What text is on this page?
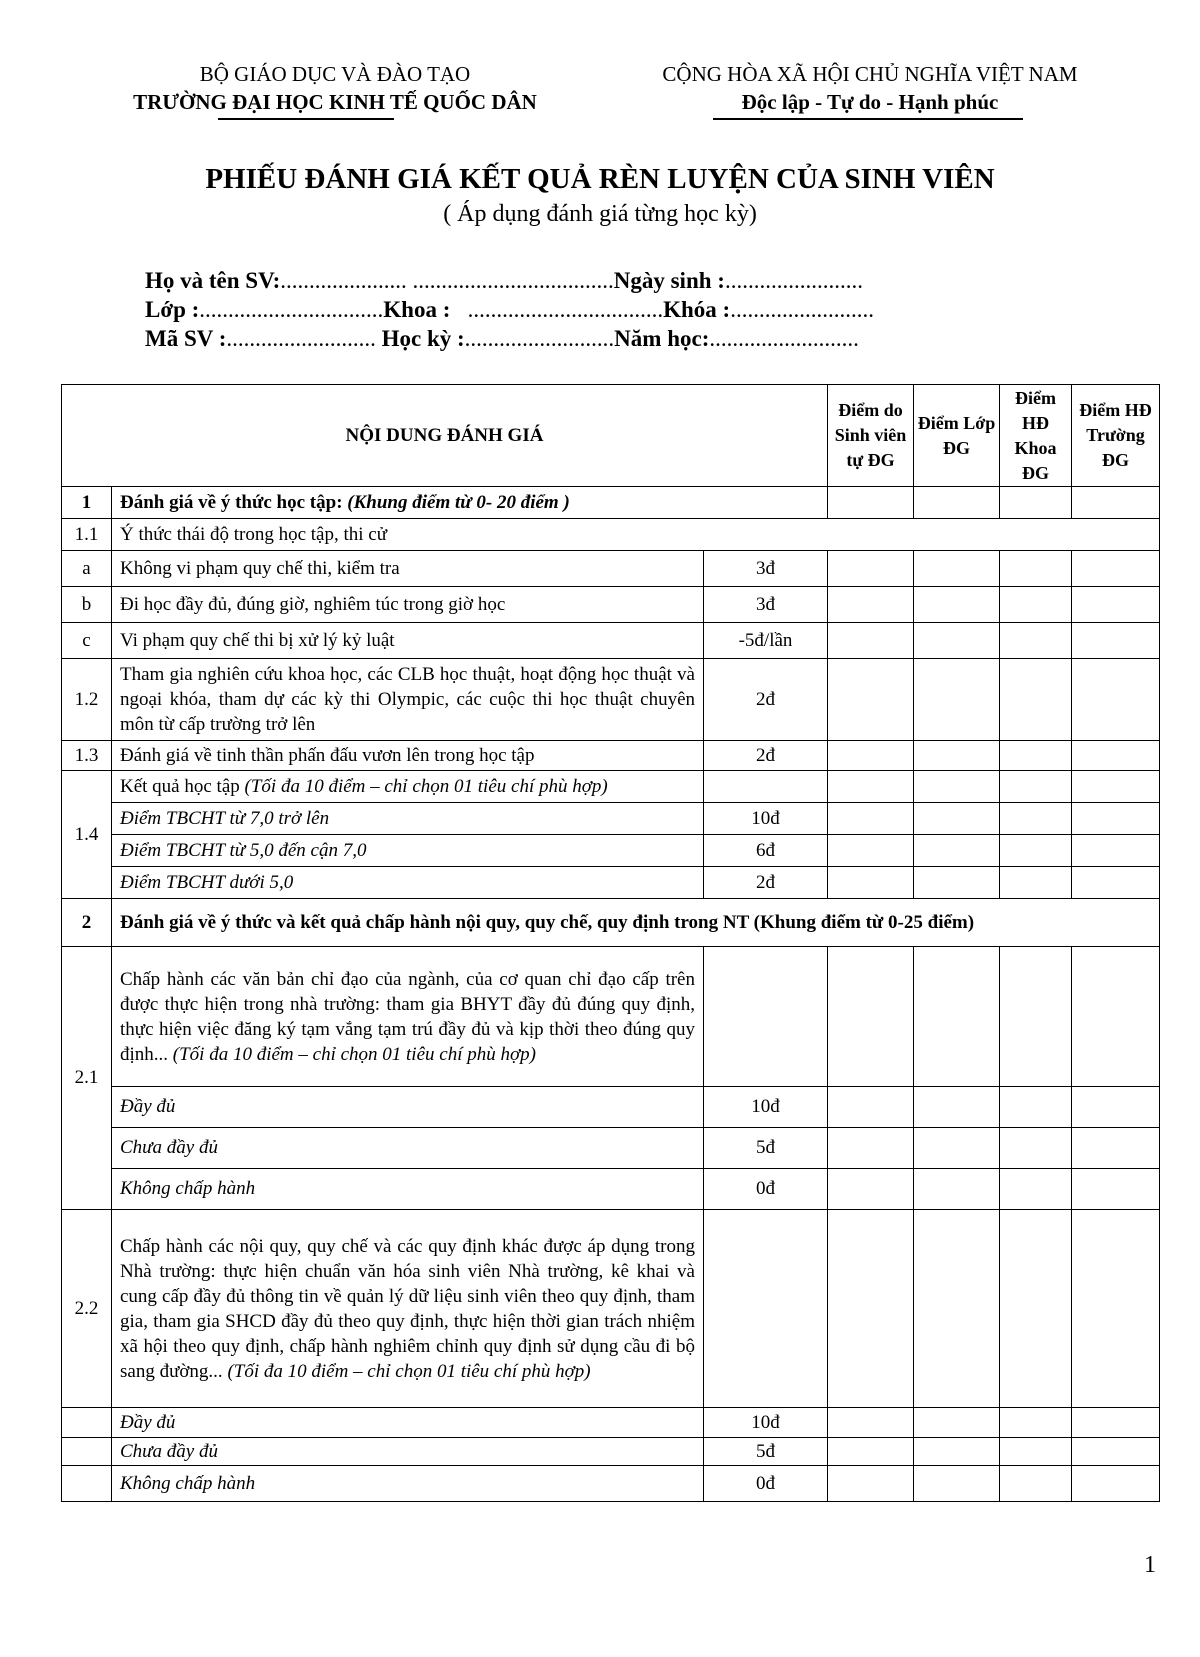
BỘ GIÁO DỤC VÀ ĐÀO TẠO
TRƯỜNG ĐẠI HỌC KINH TẾ QUỐC DÂN
CỘNG HÒA XÃ HỘI CHỦ NGHĨA VIỆT NAM
Độc lập - Tự do - Hạnh phúc
PHIẾU ĐÁNH GIÁ KẾT QUẢ RÈN LUYỆN CỦA SINH VIÊN
( Áp dụng đánh giá từng học kỳ)
Họ và tên SV:...................... ...................................Ngày sinh :........................
Lớp :................................Khoa :   ..................................Khóa :.........................
Mã SV :.......................... Học kỳ :..........................Năm học:..........................
NỘI DUNG ĐÁNH GIÁ			Điểm do Sinh viên tự ĐG	Điểm Lớp ĐG	Điểm HĐ Khoa ĐG	Điểm HĐ Trường ĐG
1	Đánh giá về ý thức học tập: (Khung điểm từ 0- 20 điểm )					
1.1	Ý thức thái độ trong học tập, thi cử					
a	Không vi phạm quy chế thi, kiểm tra	3đ				
b	Đi học đầy đủ, đúng giờ, nghiêm túc trong giờ học	3đ				
c	Vi phạm quy chế thi bị xử lý kỷ luật	-5đ/lần				
1.2	Tham gia nghiên cứu khoa học, các CLB học thuật, hoạt động học thuật và ngoại khóa, tham dự các kỳ thi Olympic, các cuộc thi học thuật chuyên môn từ cấp trường trở lên	2đ				
1.3	Đánh giá về tinh thần phấn đấu vươn lên trong học tập	2đ				
1.4	Kết quả học tập (Tối đa 10 điểm – chỉ chọn 01 tiêu chí phù hợp)					
	Điểm TBCHT từ 7,0 trở lên	10đ				
	Điểm TBCHT từ 5,0 đến cận 7,0	6đ				
	Điểm TBCHT dưới 5,0	2đ				
2	Đánh giá về ý thức và kết quả chấp hành nội quy, quy chế, quy định trong NT (Khung điểm từ 0-25 điểm)					
2.1	Chấp hành các văn bản chỉ đạo của ngành, của cơ quan chỉ đạo cấp trên được thực hiện trong nhà trường: tham gia BHYT đầy đủ đúng quy định, thực hiện việc đăng ký tạm vắng tạm trú đầy đủ và kịp thời theo đúng quy định... (Tối đa 10 điểm – chỉ chọn 01 tiêu chí phù hợp)					
	Đầy đủ	10đ				
	Chưa đầy đủ	5đ				
	Không chấp hành	0đ				
2.2	Chấp hành các nội quy, quy chế và các quy định khác được áp dụng trong Nhà trường: thực hiện chuẩn văn hóa sinh viên Nhà trường, kê khai và cung cấp đầy đủ thông tin về quản lý dữ liệu sinh viên theo quy định, tham gia, tham gia SHCD đầy đủ theo quy định, thực hiện thời gian trách nhiệm xã hội theo quy định, chấp hành nghiêm chỉnh quy định sử dụng cầu đi bộ sang đường... (Tối đa 10 điểm – chỉ chọn 01 tiêu chí phù hợp)					
	Đầy đủ	10đ				
	Chưa đầy đủ	5đ				
	Không chấp hành	0đ				
1
